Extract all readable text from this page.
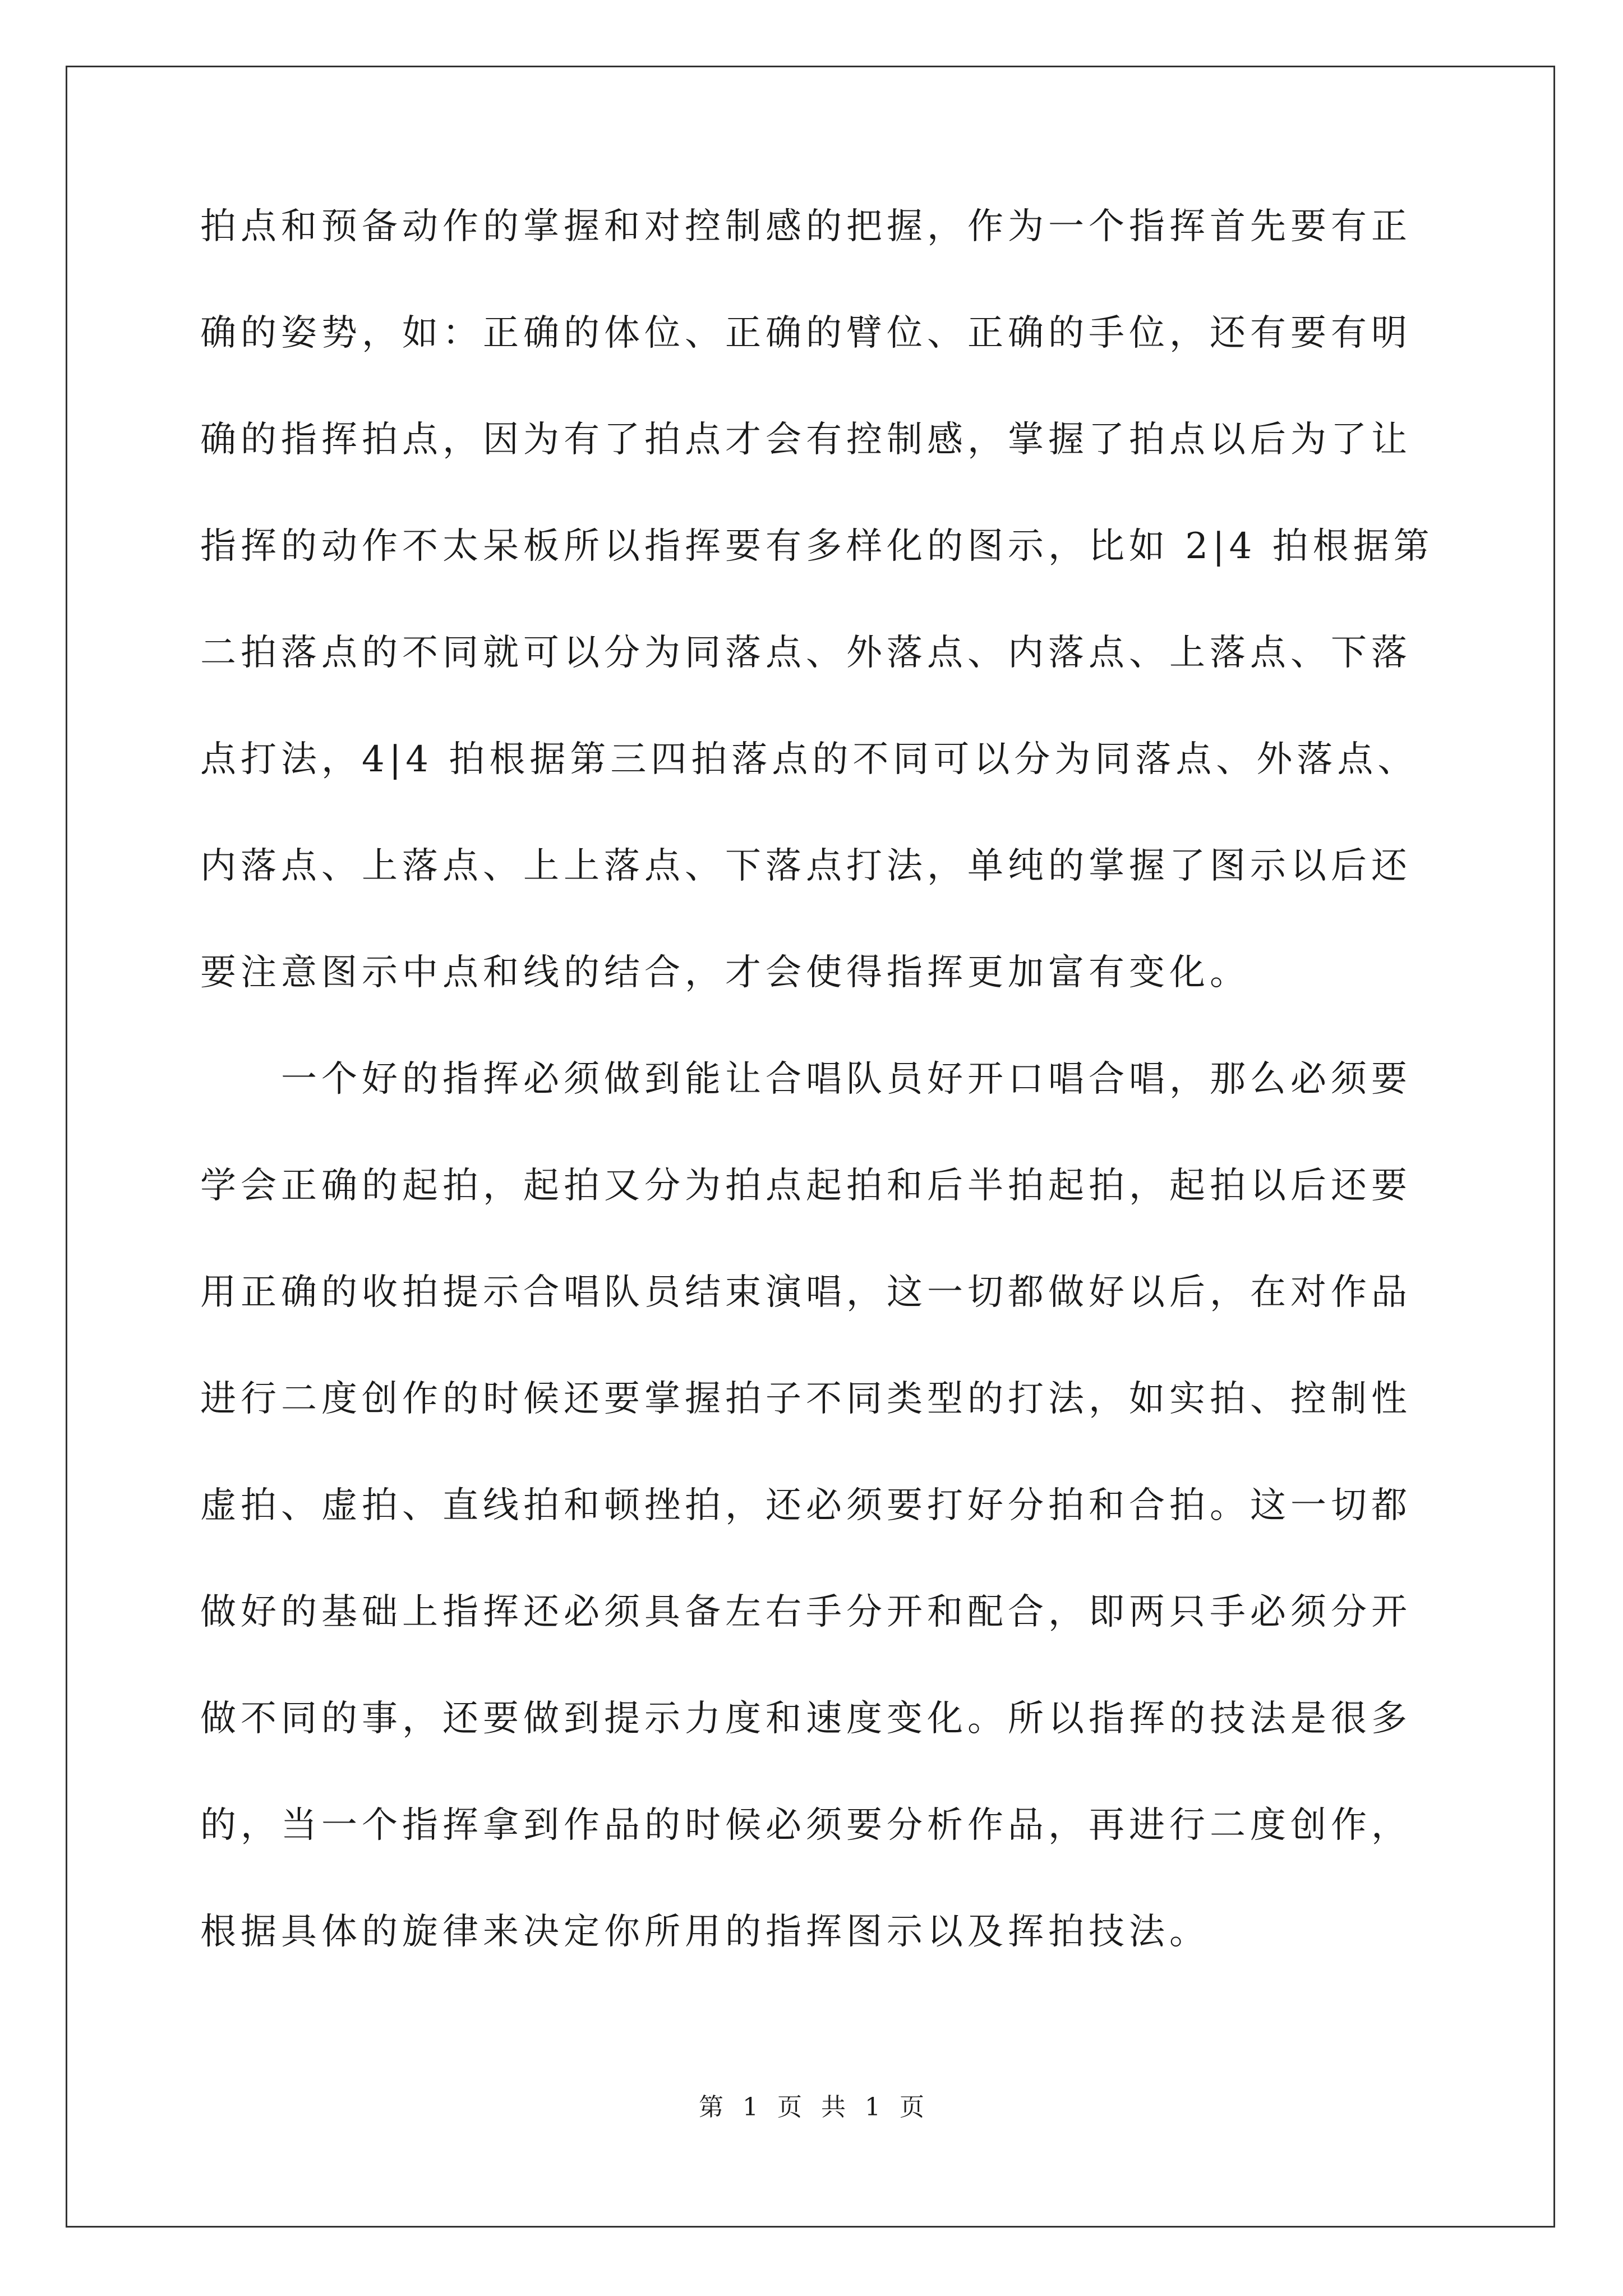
拍点和预备动作的掌握和对控制感的把握，作为一个指挥首先要有正
确的姿势，如：正确的体位、正确的臂位、正确的手位，还有要有明
确的指挥拍点，因为有了拍点才会有控制感，掌握了拍点以后为了让
指挥的动作不太呆板所以指挥要有多样化的图示，比如 2|4 拍根据第
二拍落点的不同就可以分为同落点、外落点、内落点、上落点、下落
点打法，4|4 拍根据第三四拍落点的不同可以分为同落点、外落点、
内落点、上落点、上上落点、下落点打法，单纯的掌握了图示以后还
要注意图示中点和线的结合，才会使得指挥更加富有变化。
一个好的指挥必须做到能让合唱队员好开口唱合唱，那么必须要
学会正确的起拍，起拍又分为拍点起拍和后半拍起拍，起拍以后还要
用正确的收拍提示合唱队员结束演唱，这一切都做好以后，在对作品
进行二度创作的时候还要掌握拍子不同类型的打法，如实拍、控制性
虚拍、虚拍、直线拍和顿挫拍，还必须要打好分拍和合拍。这一切都
做好的基础上指挥还必须具备左右手分开和配合，即两只手必须分开
做不同的事，还要做到提示力度和速度变化。所以指挥的技法是很多
的，当一个指挥拿到作品的时候必须要分析作品，再进行二度创作，
根据具体的旋律来决定你所用的指挥图示以及挥拍技法。
第 1 页 共 1 页
